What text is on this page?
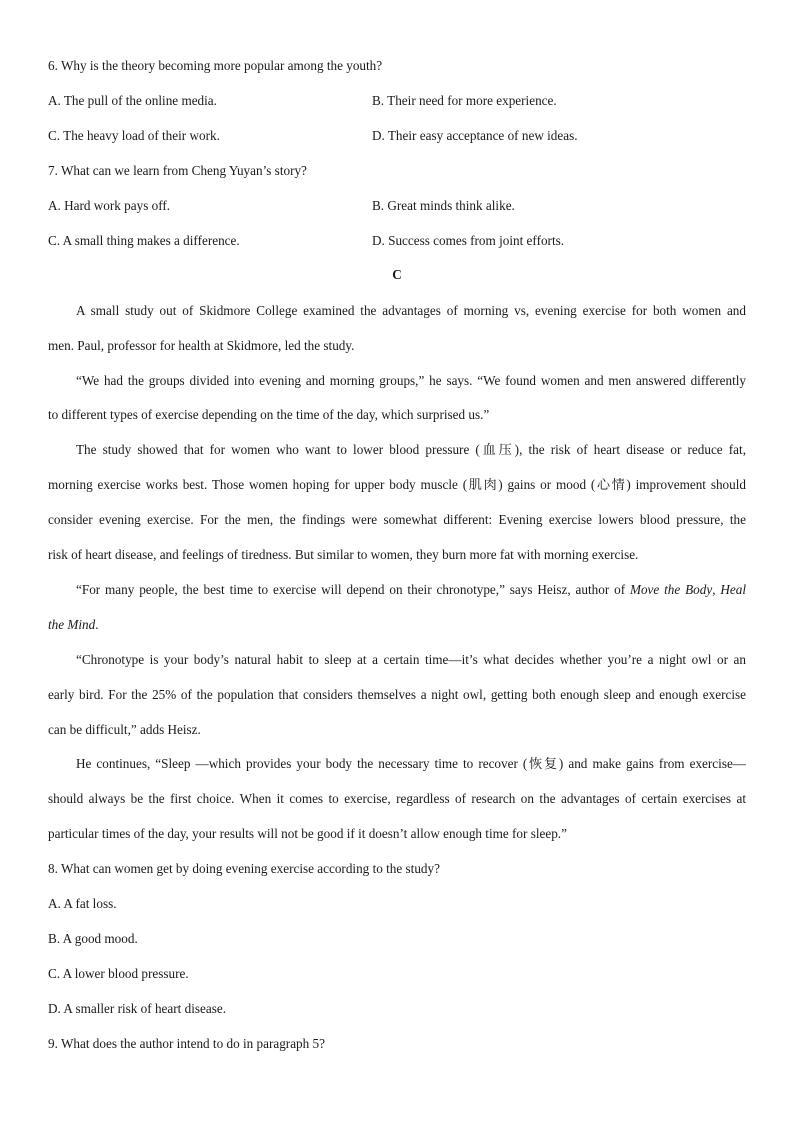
6. Why is the theory becoming more popular among the youth?
A. The pull of the online media.	B. Their need for more experience.
C. The heavy load of their work.	D. Their easy acceptance of new ideas.
7. What can we learn from Cheng Yuyan’s story?
A. Hard work pays off.	B. Great minds think alike.
C. A small thing makes a difference.	D. Success comes from joint efforts.
C
A small study out of Skidmore College examined the advantages of morning vs, evening exercise for both women and
men. Paul, professor for health at Skidmore, led the study.
“We had the groups divided into evening and morning groups,” he says. “We found women and men answered differently
to different types of exercise depending on the time of the day, which surprised us.”
The study showed that for women who want to lower blood pressure (血压), the risk of heart disease or reduce fat,
morning exercise works best. Those women hoping for upper body muscle (肌肉) gains or mood (心情) improvement should
consider evening exercise. For the men, the findings were somewhat different: Evening exercise lowers blood pressure, the
risk of heart disease, and feelings of tiredness. But similar to women, they burn more fat with morning exercise.
“For many people, the best time to exercise will depend on their chronotype,” says Heisz, author of Move the Body, Heal
the Mind.
“Chronotype is your body’s natural habit to sleep at a certain time—it’s what decides whether you’re a night owl or an
early bird. For the 25% of the population that considers themselves a night owl, getting both enough sleep and enough exercise
can be difficult,” adds Heisz.
He continues, “Sleep —which provides your body the necessary time to recover (恢复) and make gains from exercise—
should always be the first choice. When it comes to exercise, regardless of research on the advantages of certain exercises at
particular times of the day, your results will not be good if it doesn’t allow enough time for sleep.”
8. What can women get by doing evening exercise according to the study?
A. A fat loss.
B. A good mood.
C. A lower blood pressure.
D. A smaller risk of heart disease.
9. What does the author intend to do in paragraph 5?
